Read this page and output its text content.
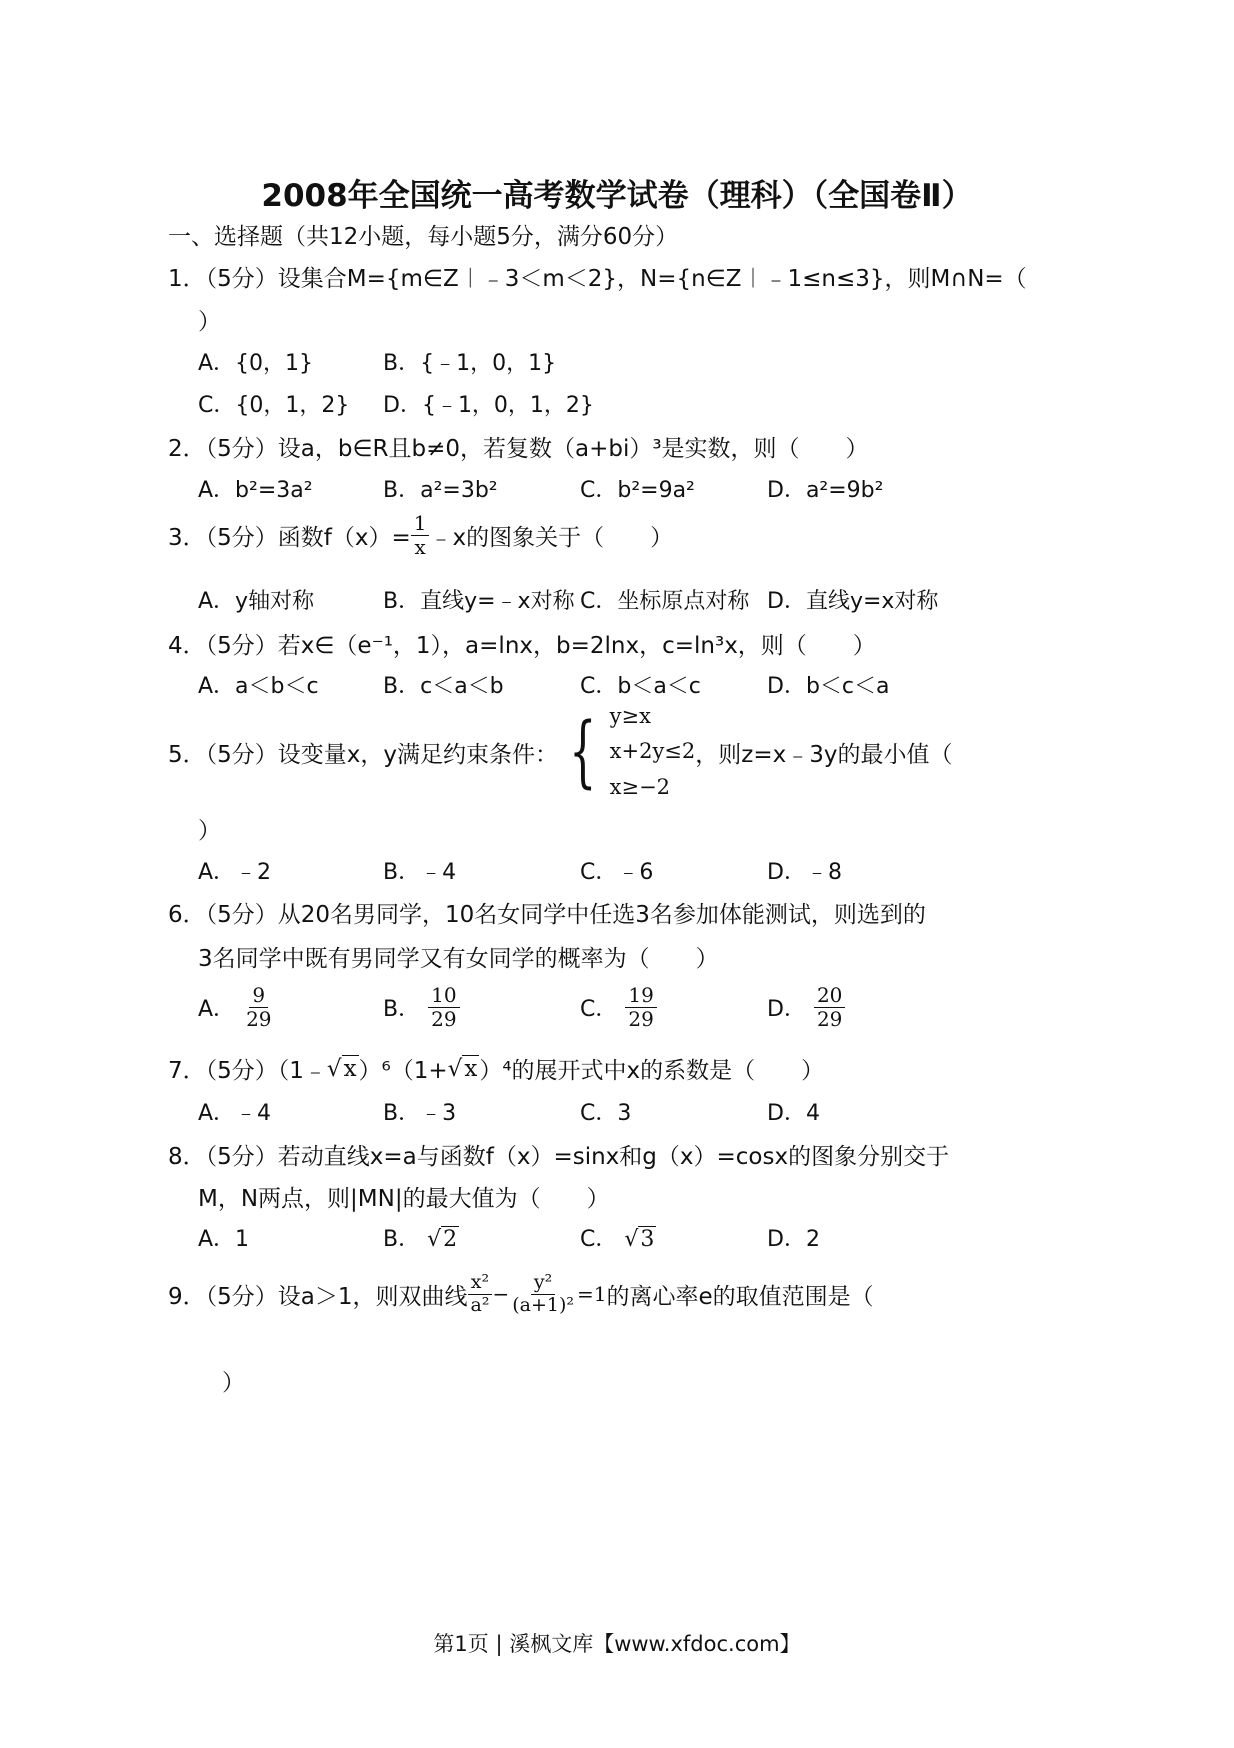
2008年全国统一高考数学试卷（理科）（全国卷Ⅱ）
一、选择题（共12小题，每小题5分，满分60分）
1．（5分）设集合M={m∈Z︱﹣3＜m＜2}，N={n∈Z︱﹣1≤n≤3}，则M∩N=（
）
A．{0，1}	B．{﹣1，0，1}
C．{0，1，2} D．{﹣1，0，1，2}
2．（5分）设a，b∈R且b≠0，若复数（a+bi）³是实数，则（　　）
A．b²=3a²	B．a²=3b²	C．b²=9a²	D．a²=9b²
3．（5分）函数$f(x)= \frac{1}{x}$ ﹣x的图象关于（　　）
A．y轴对称	B．直线y=﹣x对称 C．坐标原点对称 D．直线y=x对称
4．（5分）若x∈（e⁻¹，1），a=lnx，b=2lnx，c=ln³x，则（　　）
A．a＜b＜c	B．c＜a＜b	C．b＜a＜c	D．b＜c＜a
5．（5分）设变量x，y满足约束条件： { y≥x
x+2y≤2
x≥−2
，则z=x﹣3y的最小值（
）
A．﹣2	B．﹣4	C．﹣6	D．﹣8
6．（5分）从20名男同学，10名女同学中任选3名参加体能测试，则选到的
3名同学中既有男同学又有女同学的概率为（　　）
A． $\frac{9}{29}$	B． $\frac{10}{29}$	C． $\frac{19}{29}$	D． $\frac{20}{29}$
7．（5分）（1﹣ √x ）⁶（1+ √x ）⁴的展开式中x的系数是（　　）
A．﹣4	B．﹣3	C．3	D．4
8．（5分）若动直线x=a与函数f（x）=sinx和g（x）=cosx的图象分别交于
M，N两点，则|MN|的最大值为（　　）
A．1	B． √2	C． √3	D．2
9．（5分）设a＞1，则双曲线 $\frac{\text{x²}}{\text{a²}} - \frac{\text{y²}}{\text{(a+1)²}} =1$ 的离心率e的取值范围是（
）
第1页 | 溪枫文库【www.xfdoc.com】
